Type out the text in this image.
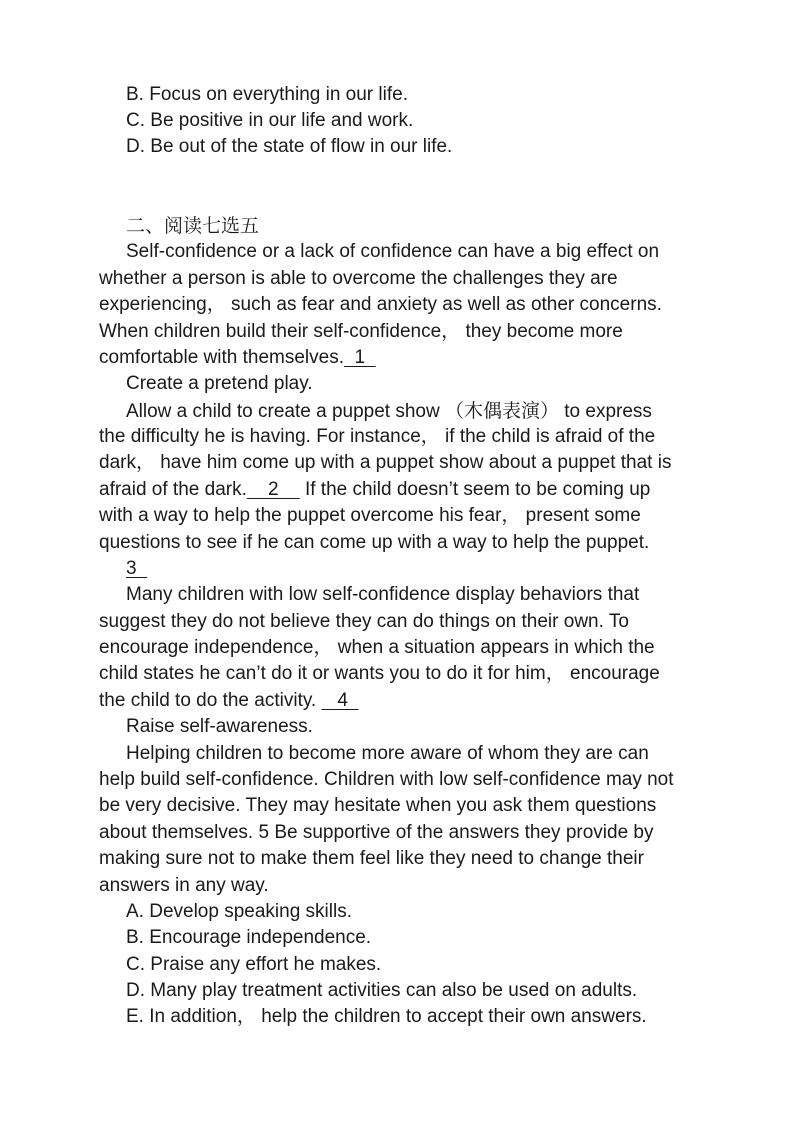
B. Focus on everything in our life.
C. Be positive in our life and work.
D. Be out of the state of flow in our life.
二、阅读七选五
Self-confidence or a lack of confidence can have a big effect on
whether a person is able to overcome the challenges they are
experiencing， such as fear and anxiety as well as other concerns.
When children build their self-confidence， they become more
comfortable with themselves.  1
Create a pretend play.
Allow a child to create a puppet show （木偶表演） to express
the difficulty he is having. For instance， if the child is afraid of the
dark， have him come up with a puppet show about a puppet that is
afraid of the dark.    2     If the child doesn’t seem to be coming up
with a way to help the puppet overcome his fear， present some
questions to see if he can come up with a way to help the puppet.
3
Many children with low self-confidence display behaviors that
suggest they do not believe they can do things on their own. To
encourage independence， when a situation appears in which the
child states he can’t do it or wants you to do it for him， encourage
the child to do the activity.    4
Raise self-awareness.
Helping children to become more aware of whom they are can
help build self-confidence. Children with low self-confidence may not
be very decisive. They may hesitate when you ask them questions
about themselves. 5 Be supportive of the answers they provide by
making sure not to make them feel like they need to change their
answers in any way.
A. Develop speaking skills.
B. Encourage independence.
C. Praise any effort he makes.
D. Many play treatment activities can also be used on adults.
E. In addition， help the children to accept their own answers.
